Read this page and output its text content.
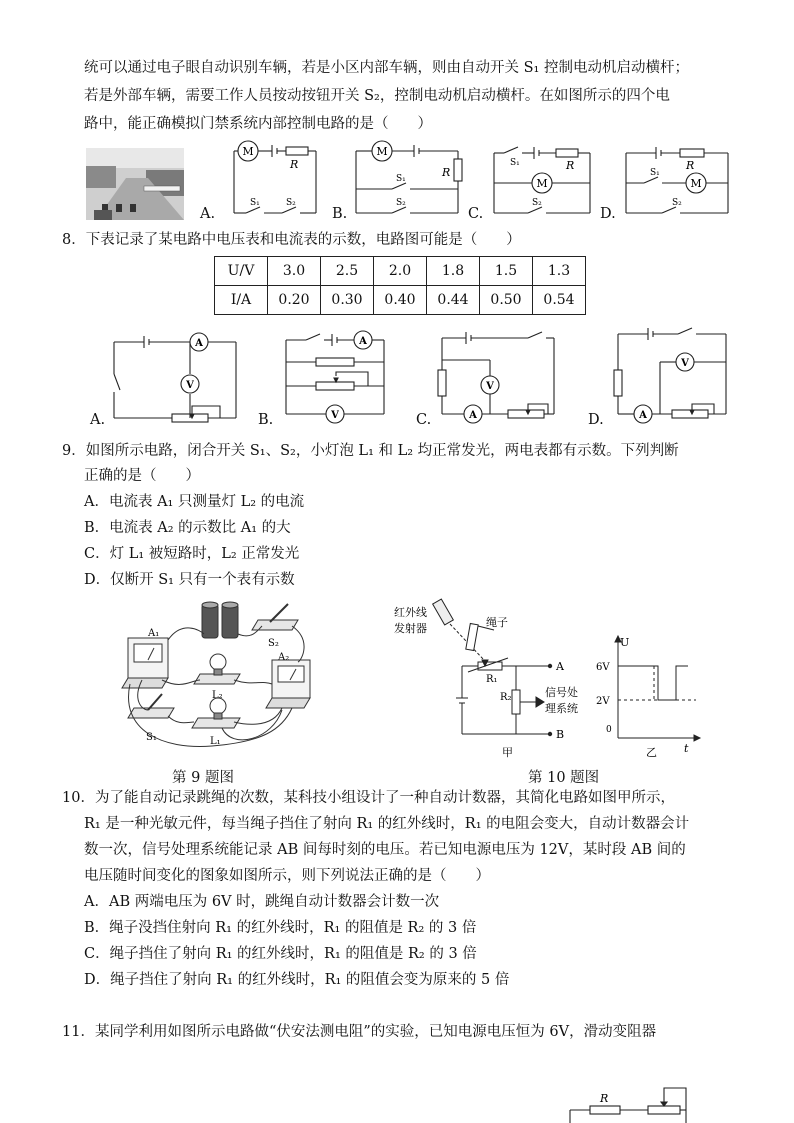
统可以通过电子眼自动识别车辆，若是小区内部车辆，则由自动开关 S₁ 控制电动机启动横杆；
若是外部车辆，需要工作人员按动按钮开关 S₂，控制电动机启动横杆。在如图所示的四个电
路中，能正确模拟门禁系统内部控制电路的是（　　）
M
R
S₁	S₂
A.
M
R
S₁
S₂
B.
M
R
S₁
S₂
C.
M
R
S₁
S₂
D.
8．下表记录了某电路中电压表和电流表的示数，电路图可能是（　　）
U/V	3.0	2.5	2.0	1.8	1.5	1.3
I/A	0.20	0.30	0.40	0.44	0.50	0.54
A
V
A.
A
V
B.
V
A
C.
V
A
D.
9．如图所示电路，闭合开关 S₁、S₂，小灯泡 L₁ 和 L₂ 均正常发光，两电表都有示数。下列判断
正确的是（　　）
A．电流表 A₁ 只测量灯 L₂ 的电流
B．电流表 A₂ 的示数比 A₁ 的大
C．灯 L₁ 被短路时，L₂ 正常发光
D．仅断开 S₁ 只有一个表有示数
A₁
A₂
S₂
S₁
L₂
L₁
第 9 题图
红外线
发射器	绳子
R₁
R₂	信号处
理系统
A
B
甲
U
6V
2V
0
t
乙
第 10 题图
10．为了能自动记录跳绳的次数，某科技小组设计了一种自动计数器，其简化电路如图甲所示，
R₁ 是一种光敏元件，每当绳子挡住了射向 R₁ 的红外线时，R₁ 的电阻会变大，自动计数器会计
数一次，信号处理系统能记录 AB 间每时刻的电压。若已知电源电压为 12V，某时段 AB 间的
电压随时间变化的图象如图所示，则下列说法正确的是（　　）
A．AB 两端电压为 6V 时，跳绳自动计数器会计数一次
B．绳子没挡住射向 R₁ 的红外线时，R₁ 的阻值是 R₂ 的 3 倍
C．绳子挡住了射向 R₁ 的红外线时，R₁ 的阻值是 R₂ 的 3 倍
D．绳子挡住了射向 R₁ 的红外线时，R₁ 的阻值会变为原来的 5 倍
11．某同学利用如图所示电路做“伏安法测电阻”的实验，已知电源电压恒为 6V，滑动变阻器
R
